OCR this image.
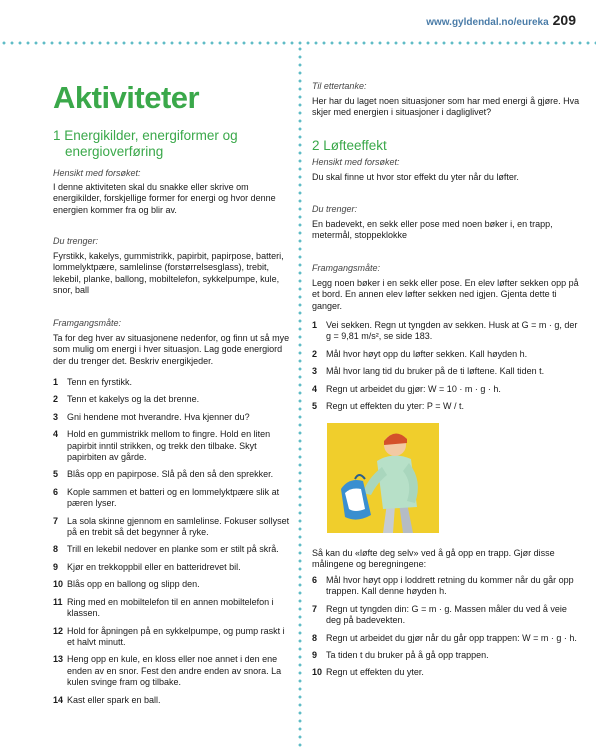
www.gyldendal.no/eureka 209
Aktiviteter
1 Energikilder, energiformer og
energioverføring
Hensikt med forsøket:
I denne aktiviteten skal du snakke eller skrive om energikilder, forskjellige former for energi og hvor denne energien kommer fra og blir av.
Du trenger:
Fyrstikk, kakelys, gummistrikk, papirbit, papirpose, batteri, lommelyktpære, samlelinse (forstørrelsesglass), trebit, lekebil, planke, ballong, mobiltelefon, sykkelpumpe, kule, snor, ball
Framgangsmåte:
Ta for deg hver av situasjonene nedenfor, og finn ut så mye som mulig om energi i hver situasjon. Lag gode energiord der du trenger det. Beskriv energikjeder.
1 Tenn en fyrstikk.
2 Tenn et kakelys og la det brenne.
3 Gni hendene mot hverandre. Hva kjenner du?
4 Hold en gummistrikk mellom to fingre. Hold en liten papirbit inntil strikken, og trekk den tilbake. Skyt papirbiten av gårde.
5 Blås opp en papirpose. Slå på den så den sprekker.
6 Kople sammen et batteri og en lommelyktpære slik at pæren lyser.
7 La sola skinne gjennom en samlelinse. Fokuser sollyset på en trebit så det begynner å ryke.
8 Trill en lekebil nedover en planke som er stilt på skrå.
9 Kjør en trekkoppbil eller en batteridrevet bil.
10 Blås opp en ballong og slipp den.
11 Ring med en mobiltelefon til en annen mobiltelefon i klassen.
12 Hold for åpningen på en sykkelpumpe, og pump raskt i et halvt minutt.
13 Heng opp en kule, en kloss eller noe annet i den ene enden av en snor. Fest den andre enden av snora. La kulen svinge fram og tilbake.
14 Kast eller spark en ball.
Til ettertanke:
Her har du laget noen situasjoner som har med energi å gjøre. Hva skjer med energien i situasjoner i dagliglivet?
2 Løfteeffekt
Hensikt med forsøket:
Du skal finne ut hvor stor effekt du yter når du løfter.
Du trenger:
En badevekt, en sekk eller pose med noen bøker i, en trapp, metermål, stoppeklokke
Framgangsmåte:
Legg noen bøker i en sekk eller pose. En elev løfter sekken opp på et bord. En annen elev løfter sekken ned igjen. Gjenta dette ti ganger.
1 Vei sekken. Regn ut tyngden av sekken. Husk at G = m · g, der g = 9,81 m/s², se side 183.
2 Mål hvor høyt opp du løfter sekken. Kall høyden h.
3 Mål hvor lang tid du bruker på de ti løftene. Kall tiden t.
4 Regn ut arbeidet du gjør: W = 10 · m · g · h.
5 Regn ut effekten du yter: P = W / t.
Så kan du «løfte deg selv» ved å gå opp en trapp. Gjør disse målingene og beregningene:
6 Mål hvor høyt opp i loddrett retning du kommer når du går opp trappen. Kall denne høyden h.
7 Regn ut tyngden din: G = m · g. Massen måler du ved å veie deg på badevekten.
8 Regn ut arbeidet du gjør når du går opp trappen: W = m · g · h.
9 Ta tiden t du bruker på å gå opp trappen.
10 Regn ut effekten du yter.
